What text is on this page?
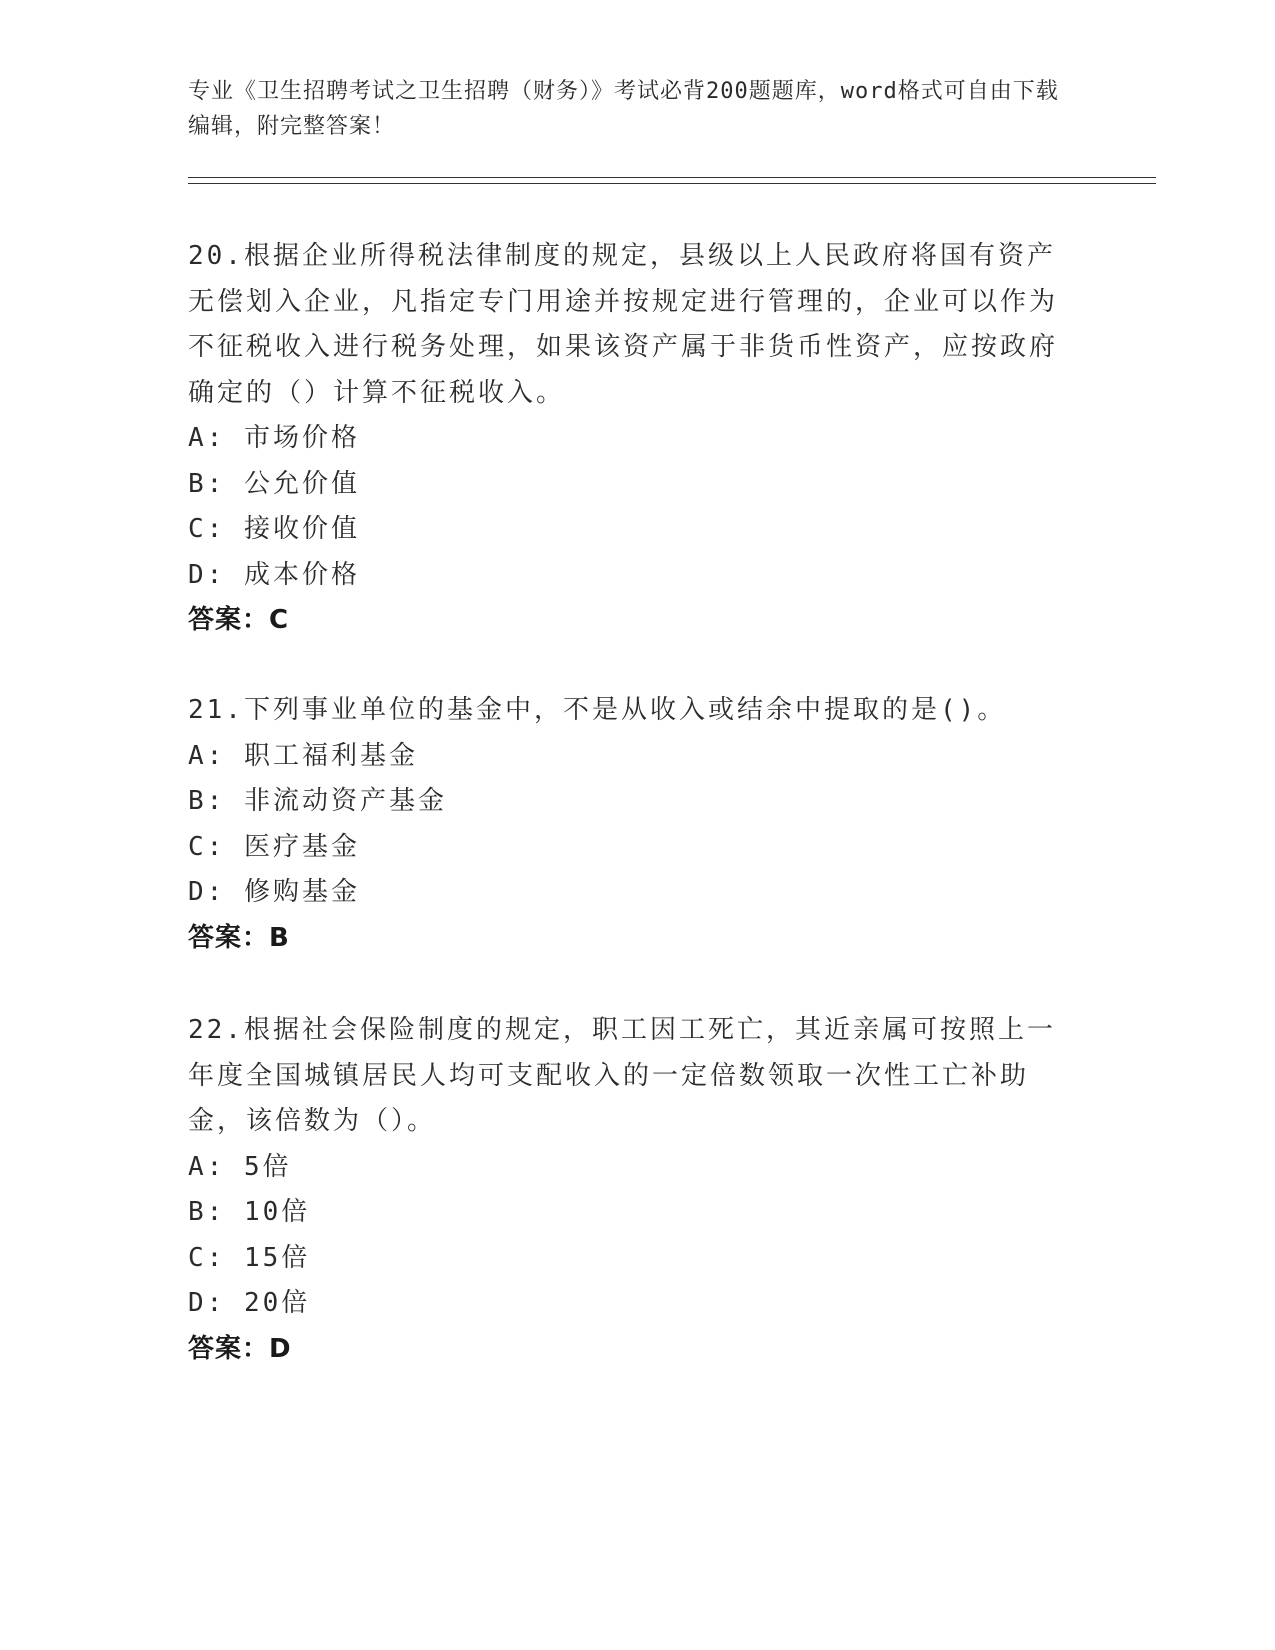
专业《卫生招聘考试之卫生招聘（财务）》考试必背200题题库，word格式可自由下载编辑，附完整答案！
20.根据企业所得税法律制度的规定，县级以上人民政府将国有资产无偿划入企业，凡指定专门用途并按规定进行管理的，企业可以作为不征税收入进行税务处理，如果该资产属于非货币性资产，应按政府确定的（）计算不征税收入。
A: 市场价格
B: 公允价值
C: 接收价值
D: 成本价格
答案：C
21.下列事业单位的基金中，不是从收入或结余中提取的是()。
A: 职工福利基金
B: 非流动资产基金
C: 医疗基金
D: 修购基金
答案：B
22.根据社会保险制度的规定，职工因工死亡，其近亲属可按照上一年度全国城镇居民人均可支配收入的一定倍数领取一次性工亡补助金，该倍数为（）。
A: 5倍
B: 10倍
C: 15倍
D: 20倍
答案：D
